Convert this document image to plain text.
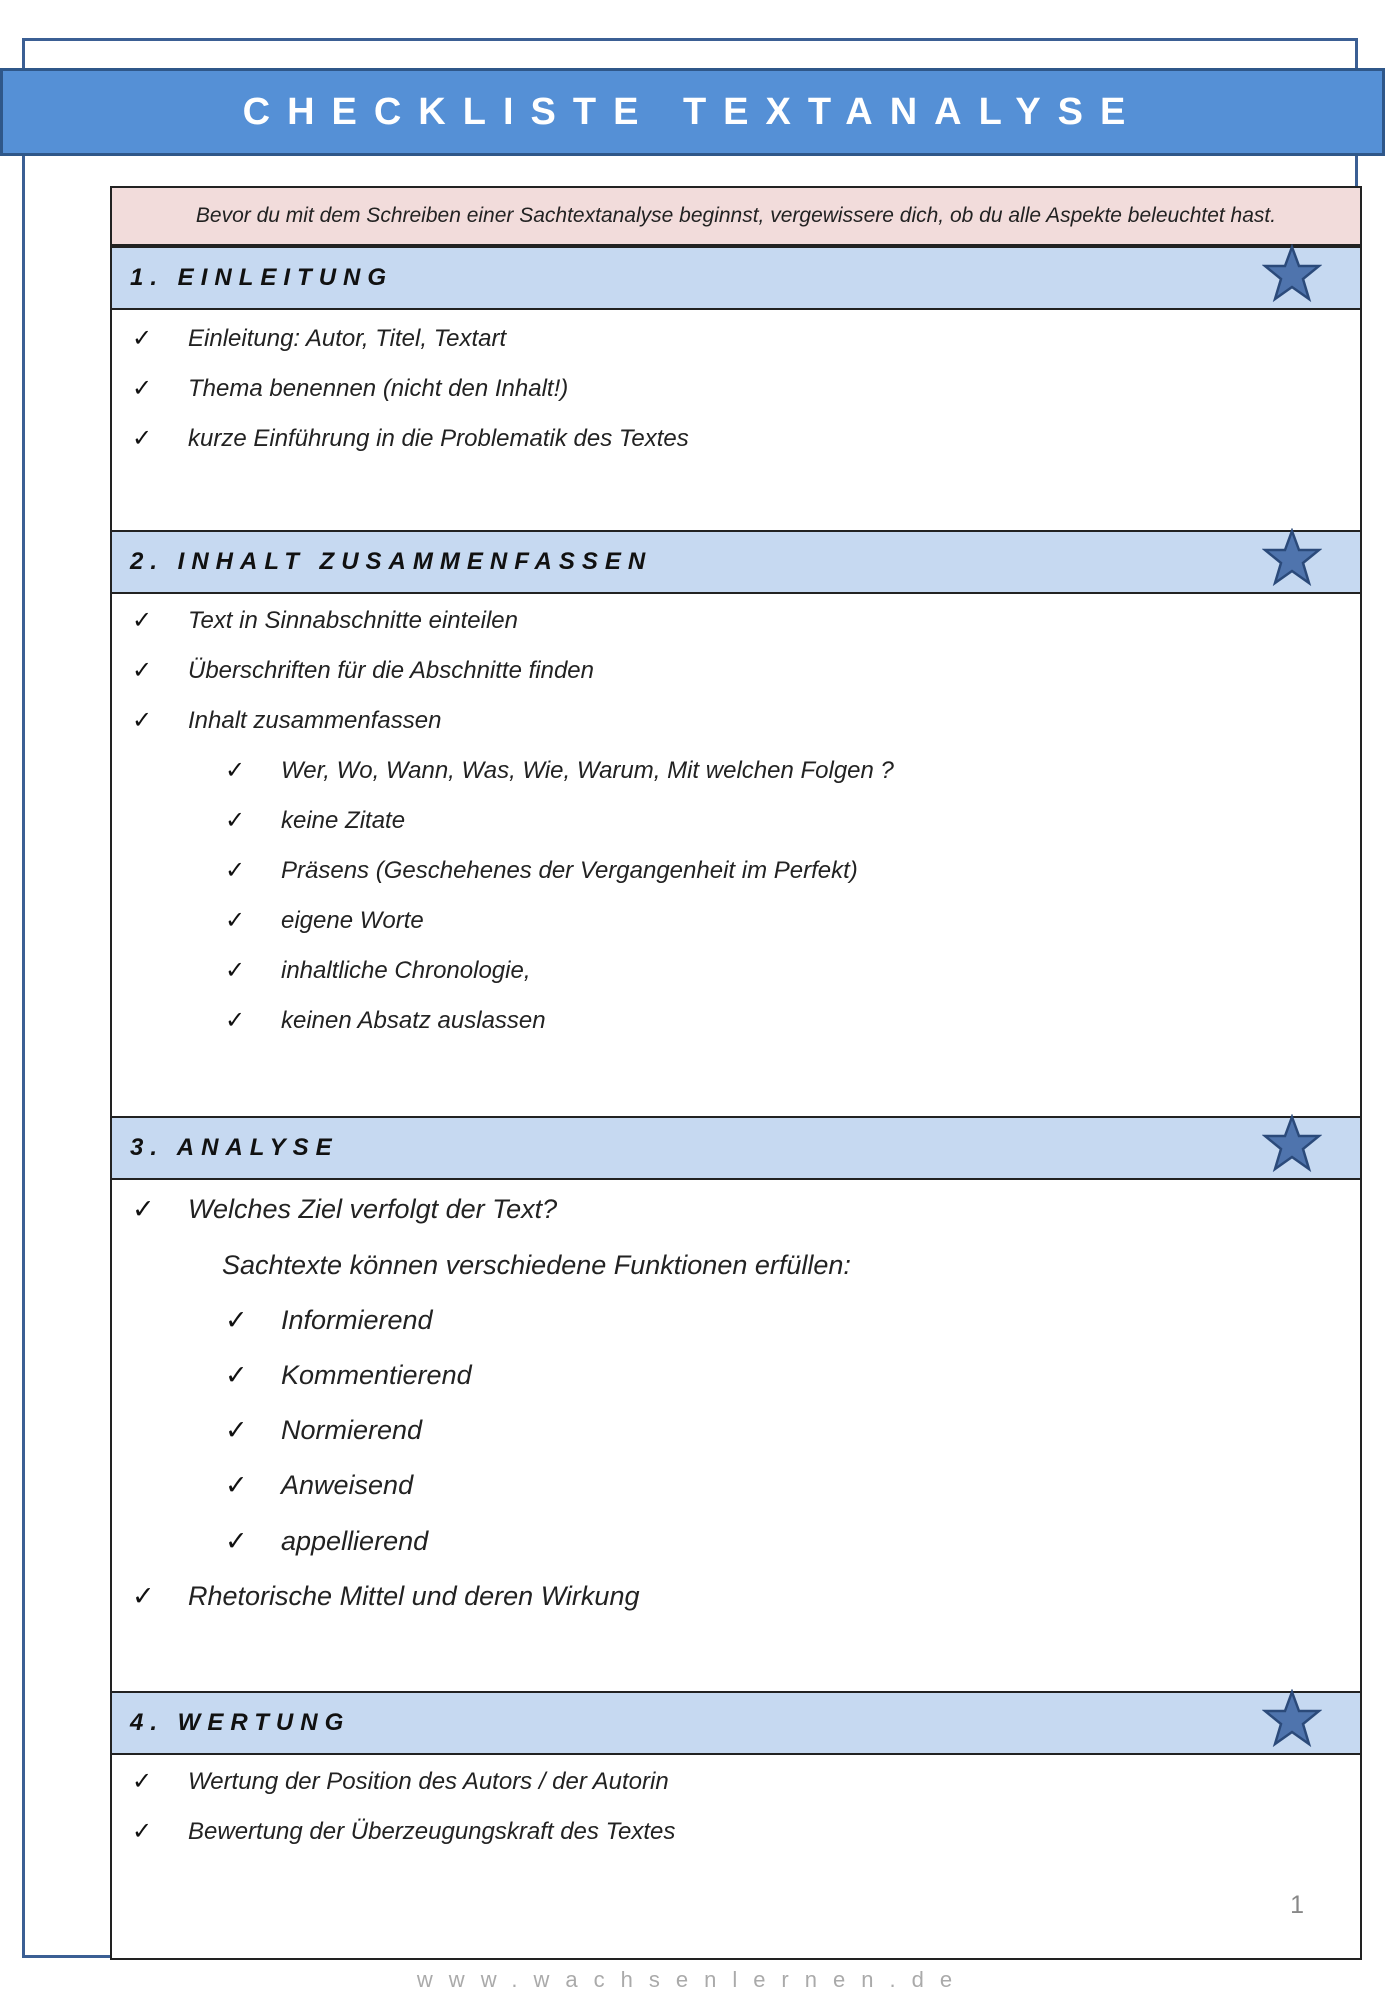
CHECKLISTE TEXTANALYSE
Bevor du mit dem Schreiben einer Sachtextanalyse beginnst, vergewissere dich, ob du alle Aspekte beleuchtet hast.
1. EINLEITUNG
✓	Einleitung: Autor, Titel, Textart
✓	Thema benennen (nicht den Inhalt!)
✓	kurze Einführung in die Problematik des Textes
2. INHALT ZUSAMMENFASSEN
✓	Text in Sinnabschnitte einteilen
✓	Überschriften für die Abschnitte finden
✓	Inhalt zusammenfassen
✓	Wer, Wo, Wann, Was, Wie, Warum, Mit welchen Folgen ?
✓	keine Zitate
✓	Präsens (Geschehenes der Vergangenheit im Perfekt)
✓	eigene Worte
✓	inhaltliche Chronologie,
✓	keinen Absatz auslassen
3. ANALYSE
✓	Welches Ziel verfolgt der Text?
Sachtexte können verschiedene Funktionen erfüllen:
✓	Informierend
✓	Kommentierend
✓	Normierend
✓	Anweisend
✓	appellierend
✓	Rhetorische Mittel und deren Wirkung
4. WERTUNG
✓	Wertung der Position des Autors / der Autorin
✓	Bewertung der Überzeugungskraft des Textes
1
www.wachsenlernen.de
